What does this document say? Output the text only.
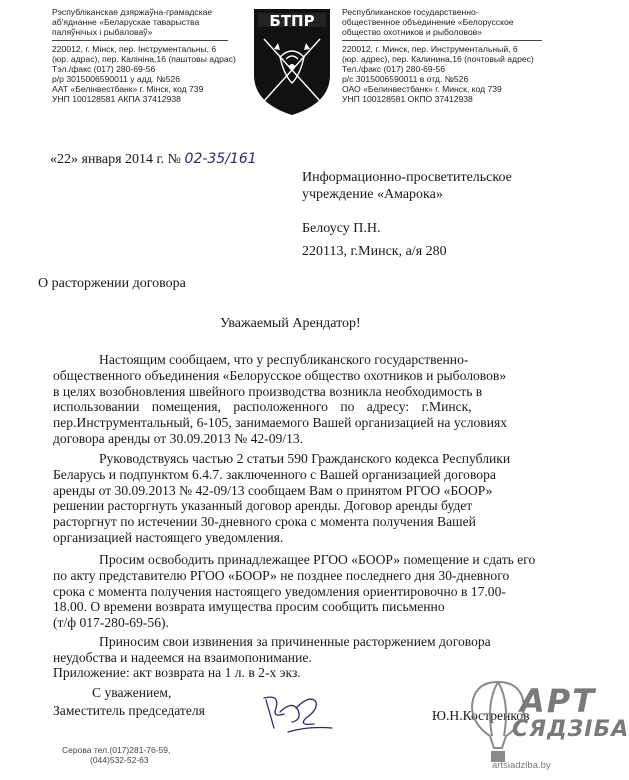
Рэспубліканскае дзяржаўна-грамадскае
аб'яднанне «Беларускае таварыства
паляўнічых і рыбаловаў»
220012, г. Мінск, пер. Інструментальны, 6
(юр. адрас), пер. Калініна,16 (паштовы адрас)
Тэл./факс (017) 280-69-56
р/р 3015006590011 у адд. №526
ААТ «Белінвестбанк» г. Мінск, код 739
УНП 100128581 АКПА 37412938
БТПР	Республиканское государственно-
общественное объединение «Белорусское
общество охотников и рыболовов»
220012, г. Минск, пер. Инструментальный, 6
(юр. адрес), пер. Калинина,16 (почтовый адрес)
Тел./факс (017) 280-69-56
р/с 3015006590011 в отд. №526
ОАО «Белинвестбанк» г. Минск, код 739
УНП 100128581 ОКПО 37412938
«22» января 2014 г. № 02-35/161
Информационно-просветительское
учреждение «Амарока»
Белоусу П.Н.
220113, г.Минск, а/я 280
О расторжении договора
Уважаемый Арендатор!
Настоящим сообщаем, что у республиканского государственно-
общественного объединения «Белорусское общество охотников и рыболовов»
в целях возобновления швейного производства возникла необходимость в
использовании помещения, расположенного по адресу: г.Минск,
пер.Инструментальный, 6-105, занимаемого Вашей организацией на условиях
договора аренды от 30.09.2013 № 42-09/13.
Руководствуясь частью 2 статьи 590 Гражданского кодекса Республики
Беларусь и подпунктом 6.4.7. заключенного с Вашей организацией договора
аренды от 30.09.2013 № 42-09/13 сообщаем Вам о принятом РГОО «БООР»
решении расторгнуть указанный договор аренды. Договор аренды будет
расторгнут по истечении 30-дневного срока с момента получения Вашей
организацией настоящего уведомления.
Просим освободить принадлежащее РГОО «БООР» помещение и сдать его
по акту представителю РГОО «БООР» не позднее последнего дня 30-дневного
срока с момента получения настоящего уведомления ориентировочно в 17.00-
18.00. О времени возврата имущества просим сообщить письменно
(т/ф 017-280-69-56).
Приносим свои извинения за причиненные расторжением договора
неудобства и надеемся на взаимопонимание.
Приложение: акт возврата на 1 л. в 2-х экз.
С уважением,
Заместитель председателя	Ю.Н.Костренков
Серова тел.(017)281-76-59,
(044)532-52-63
АРТ
СЯДЗІБА
artsiadziba.by
